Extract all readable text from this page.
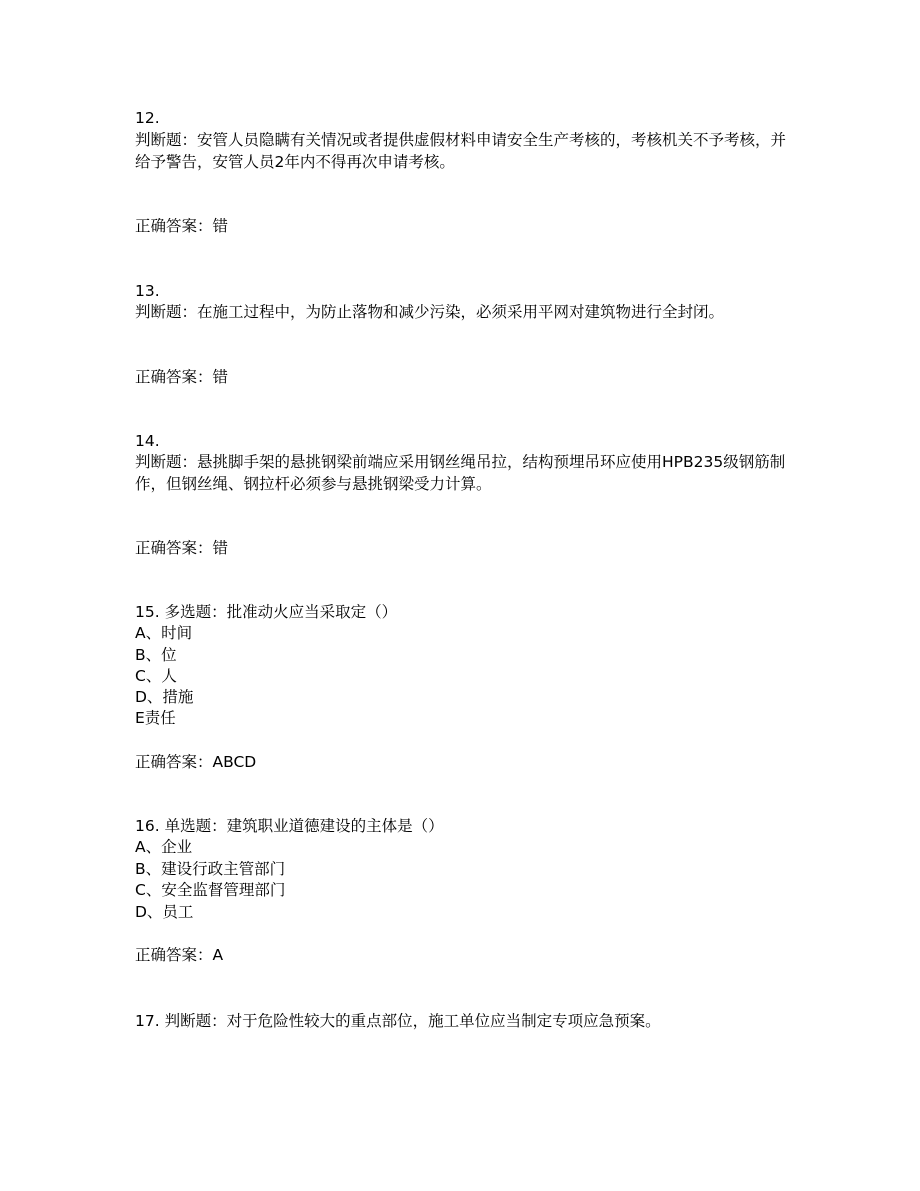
12.
判断题：安管人员隐瞒有关情况或者提供虚假材料申请安全生产考核的，考核机关不予考核，并给予警告，安管人员2年内不得再次申请考核。
正确答案：错
13.
判断题：在施工过程中，为防止落物和减少污染，必须采用平网对建筑物进行全封闭。
正确答案：错
14.
判断题：悬挑脚手架的悬挑钢梁前端应采用钢丝绳吊拉，结构预埋吊环应使用HPB235级钢筋制作，但钢丝绳、钢拉杆必须参与悬挑钢梁受力计算。
正确答案：错
15. 多选题：批准动火应当采取定（）
A、时间
B、位
C、人
D、措施
E责任
正确答案：ABCD
16. 单选题：建筑职业道德建设的主体是（）
A、企业
B、建设行政主管部门
C、安全监督管理部门
D、员工
正确答案：A
17. 判断题：对于危险性较大的重点部位，施工单位应当制定专项应急预案。
